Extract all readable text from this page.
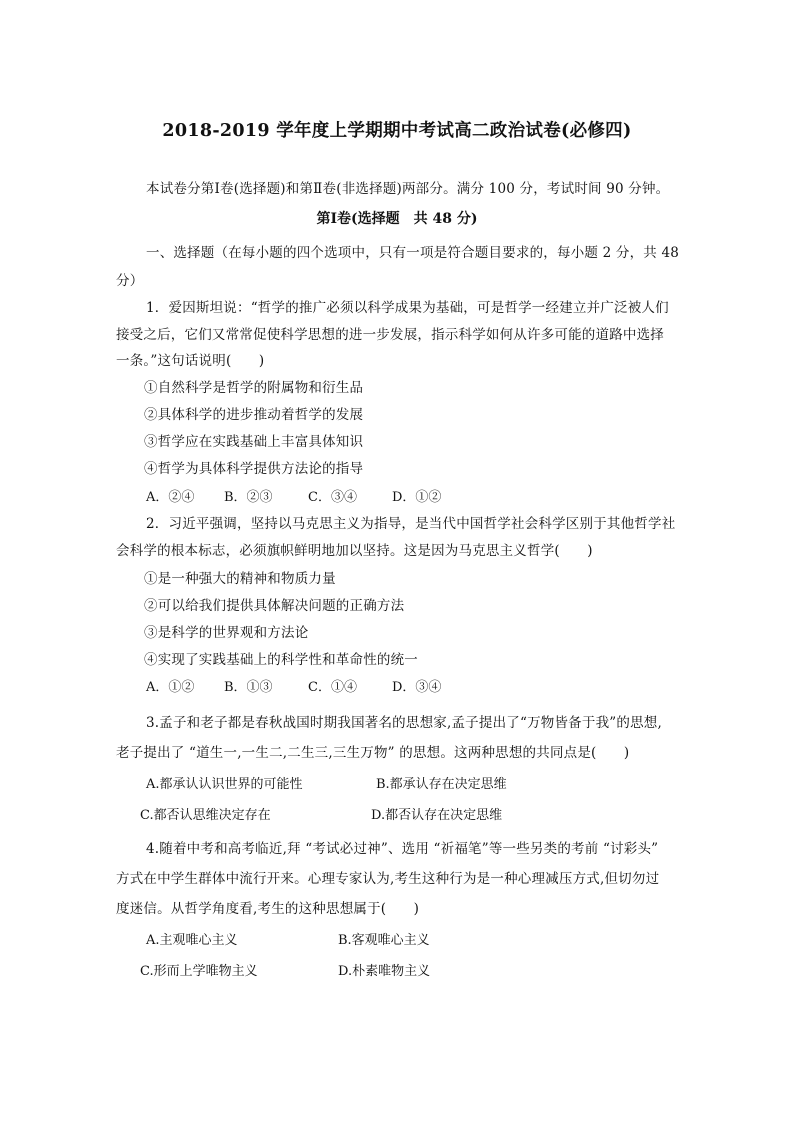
2018-2019 学年度上学期期中考试高二政治试卷(必修四)
本试卷分第Ⅰ卷(选择题)和第Ⅱ卷(非选择题)两部分。满分 100 分，考试时间 90 分钟。
第Ⅰ卷(选择题　共 48 分)
一、选择题（在每小题的四个选项中，只有一项是符合题目要求的，每小题 2 分，共 48
分）
1．爱因斯坦说：“哲学的推广必须以科学成果为基础，可是哲学一经建立并广泛被人们
接受之后，它们又常常促使科学思想的进一步发展，指示科学如何从许多可能的道路中选择
一条。”这句话说明(　　)
①自然科学是哲学的附属物和衍生品
②具体科学的进步推动着哲学的发展
③哲学应在实践基础上丰富具体知识
④哲学为具体科学提供方法论的指导
A．②④ B．②③	C．③④	D．①②
2．习近平强调，坚持以马克思主义为指导，是当代中国哲学社会科学区别于其他哲学社
会科学的根本标志，必须旗帜鲜明地加以坚持。这是因为马克思主义哲学(　　)
①是一种强大的精神和物质力量
②可以给我们提供具体解决问题的正确方法
③是科学的世界观和方法论
④实现了实践基础上的科学性和革命性的统一
A．①② B．①③	C．①④	D．③④
3.孟子和老子都是春秋战国时期我国著名的思想家,孟子提出了“万物皆备于我”的思想,
老子提出了 “道生一,一生二,二生三,三生万物” 的思想。这两种思想的共同点是(　　)
A.都承认认识世界的可能性	B.都承认存在决定思维
C.都否认思维决定存在	D.都否认存在决定思维
4.随着中考和高考临近,拜 “考试必过神”、选用 “祈福笔”等一些另类的考前 “讨彩头”
方式在中学生群体中流行开来。心理专家认为,考生这种行为是一种心理减压方式,但切勿过
度迷信。从哲学角度看,考生的这种思想属于(　　)
A.主观唯心主义	B.客观唯心主义
C.形而上学唯物主义	D.朴素唯物主义
